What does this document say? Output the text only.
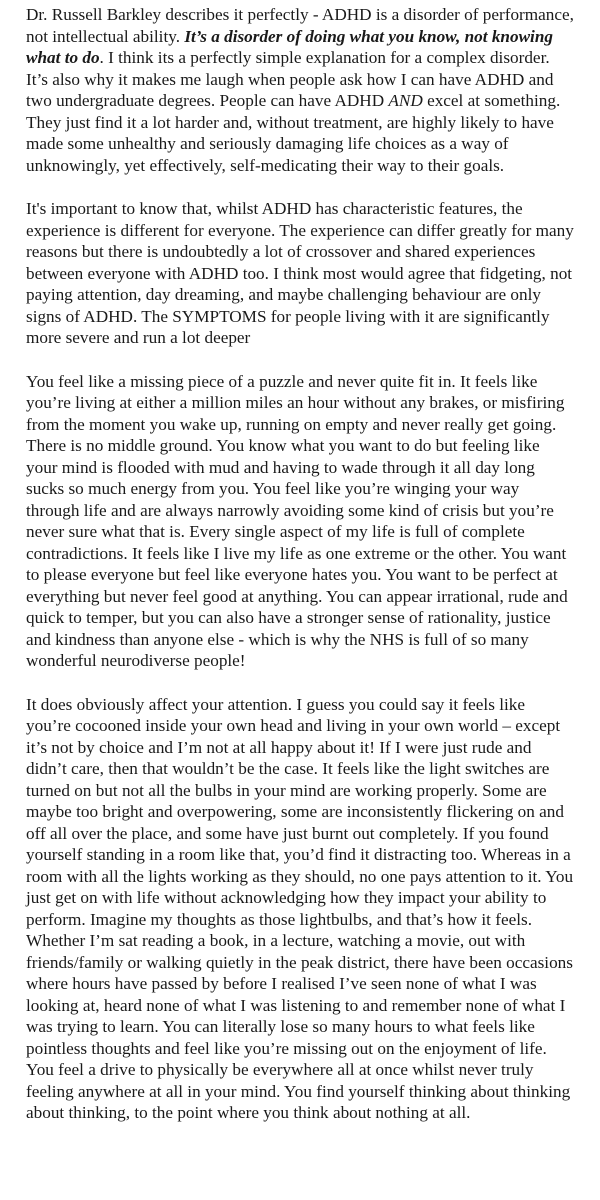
Dr. Russell Barkley describes it perfectly - ADHD is a disorder of performance, not intellectual ability. It’s a disorder of doing what you know, not knowing what to do. I think its a perfectly simple explanation for a complex disorder. It’s also why it makes me laugh when people ask how I can have ADHD and two undergraduate degrees. People can have ADHD AND excel at something. They just find it a lot harder and, without treatment, are highly likely to have made some unhealthy and seriously damaging life choices as a way of unknowingly, yet effectively, self-medicating their way to their goals.

It's important to know that, whilst ADHD has characteristic features, the experience is different for everyone. The experience can differ greatly for many reasons but there is undoubtedly a lot of crossover and shared experiences between everyone with ADHD too. I think most would agree that fidgeting, not paying attention, day dreaming, and maybe challenging behaviour are only signs of ADHD. The SYMPTOMS for people living with it are significantly more severe and run a lot deeper

You feel like a missing piece of a puzzle and never quite fit in. It feels like you’re living at either a million miles an hour without any brakes, or misfiring from the moment you wake up, running on empty and never really get going. There is no middle ground. You know what you want to do but feeling like your mind is flooded with mud and having to wade through it all day long sucks so much energy from you. You feel like you’re winging your way through life and are always narrowly avoiding some kind of crisis but you’re never sure what that is. Every single aspect of my life is full of complete contradictions. It feels like I live my life as one extreme or the other. You want to please everyone but feel like everyone hates you. You want to be perfect at everything but never feel good at anything. You can appear irrational, rude and quick to temper, but you can also have a stronger sense of rationality, justice and kindness than anyone else - which is why the NHS is full of so many wonderful neurodiverse people!

It does obviously affect your attention. I guess you could say it feels like you’re cocooned inside your own head and living in your own world – except it’s not by choice and I’m not at all happy about it! If I were just rude and didn’t care, then that wouldn’t be the case. It feels like the light switches are turned on but not all the bulbs in your mind are working properly. Some are maybe too bright and overpowering, some are inconsistently flickering on and off all over the place, and some have just burnt out completely. If you found yourself standing in a room like that, you’d find it distracting too. Whereas in a room with all the lights working as they should, no one pays attention to it. You just get on with life without acknowledging how they impact your ability to perform. Imagine my thoughts as those lightbulbs, and that’s how it feels. Whether I’m sat reading a book, in a lecture, watching a movie, out with friends/family or walking quietly in the peak district, there have been occasions where hours have passed by before I realised I’ve seen none of what I was looking at, heard none of what I was listening to and remember none of what I was trying to learn. You can literally lose so many hours to what feels like pointless thoughts and feel like you’re missing out on the enjoyment of life. You feel a drive to physically be everywhere all at once whilst never truly feeling anywhere at all in your mind. You find yourself thinking about thinking about thinking, to the point where you think about nothing at all.
